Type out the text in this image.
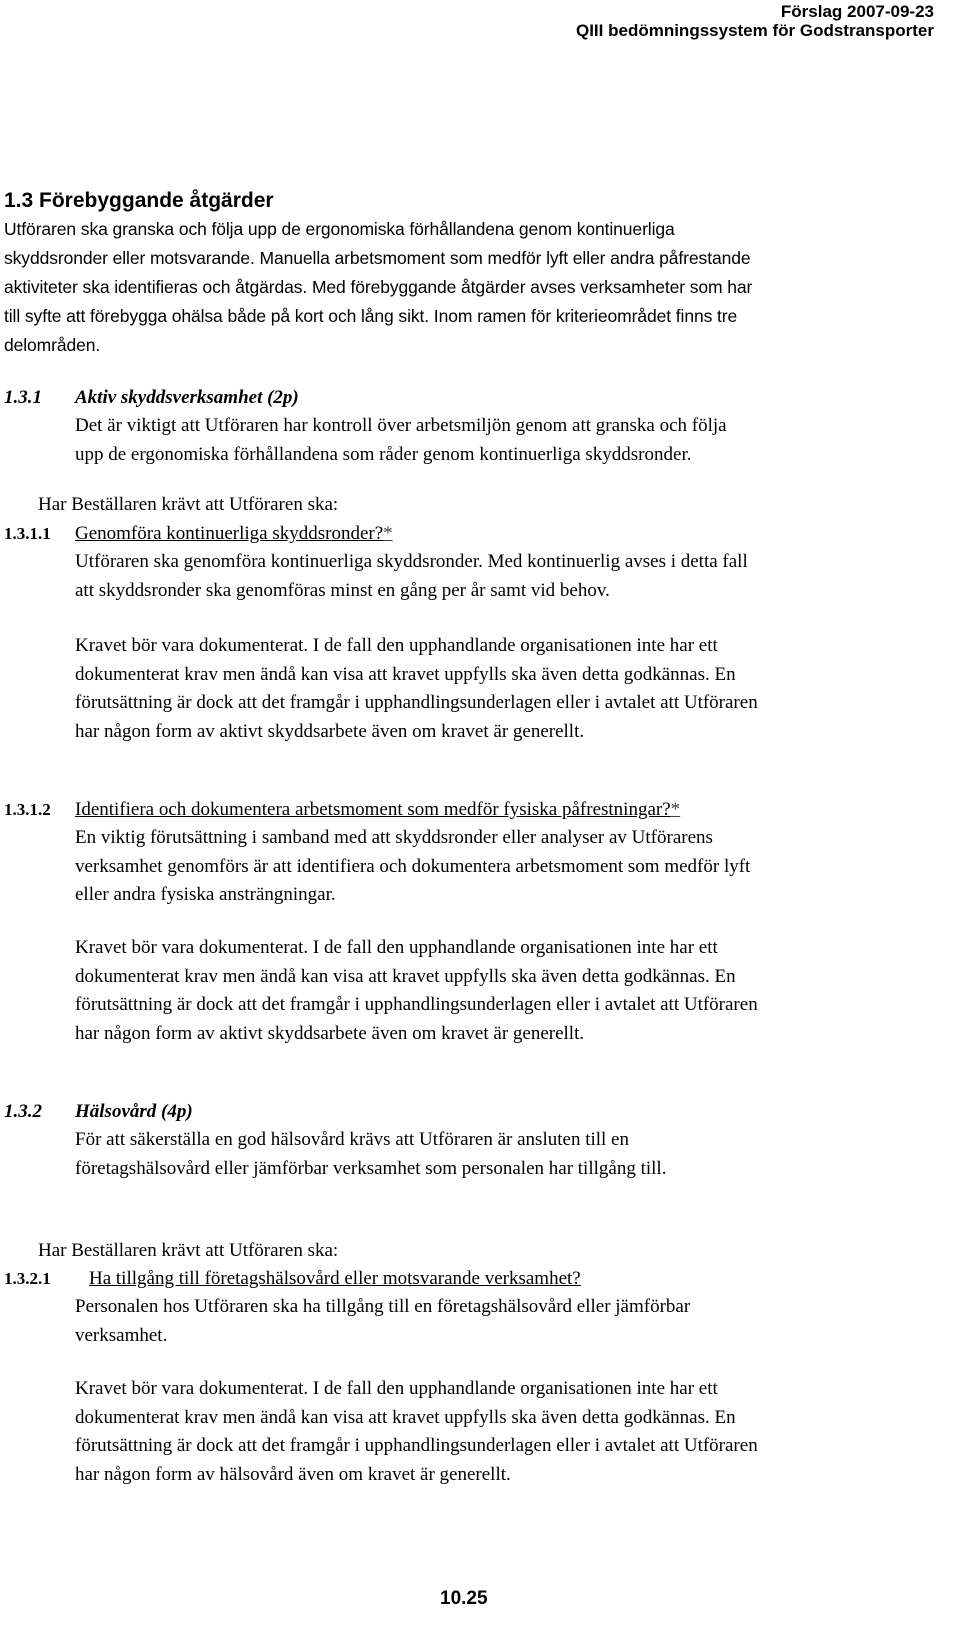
Förslag 2007-09-23
QIII bedömningssystem för Godstransporter
1.3 Förebyggande åtgärder
Utföraren ska granska och följa upp de ergonomiska förhållandena genom kontinuerliga
skyddsronder eller motsvarande. Manuella arbetsmoment som medför lyft eller andra påfrestande
aktiviteter ska identifieras och åtgärdas. Med förebyggande åtgärder avses verksamheter som har
till syfte att förebygga ohälsa både på kort och lång sikt. Inom ramen för kriterieområdet finns tre
delområden.
1.3.1 Aktiv skyddsverksamhet (2p)
Det är viktigt att Utföraren har kontroll över arbetsmiljön genom att granska och följa
upp de ergonomiska förhållandena som råder genom kontinuerliga skyddsronder.
Har Beställaren krävt att Utföraren ska:
1.3.1.1 Genomföra kontinuerliga skyddsronder?*
Utföraren ska genomföra kontinuerliga skyddsronder. Med kontinuerlig avses i detta fall
att skyddsronder ska genomföras minst en gång per år samt vid behov.
Kravet bör vara dokumenterat. I de fall den upphandlande organisationen inte har ett
dokumenterat krav men ändå kan visa att kravet uppfylls ska även detta godkännas. En
förutsättning är dock att det framgår i upphandlingsunderlagen eller i avtalet att Utföraren
har någon form av aktivt skyddsarbete även om kravet är generellt.
1.3.1.2 Identifiera och dokumentera arbetsmoment som medför fysiska påfrestningar?*
En viktig förutsättning i samband med att skyddsronder eller analyser av Utförarens
verksamhet genomförs är att identifiera och dokumentera arbetsmoment som medför lyft
eller andra fysiska ansträngningar.
Kravet bör vara dokumenterat. I de fall den upphandlande organisationen inte har ett
dokumenterat krav men ändå kan visa att kravet uppfylls ska även detta godkännas. En
förutsättning är dock att det framgår i upphandlingsunderlagen eller i avtalet att Utföraren
har någon form av aktivt skyddsarbete även om kravet är generellt.
1.3.2 Hälsovård (4p)
För att säkerställa en god hälsovård krävs att Utföraren är ansluten till en
företagshälsovård eller jämförbar verksamhet som personalen har tillgång till.
Har Beställaren krävt att Utföraren ska:
1.3.2.1 Ha tillgång till företagshälsovård eller motsvarande verksamhet?
Personalen hos Utföraren ska ha tillgång till en företagshälsovård eller jämförbar
verksamhet.
Kravet bör vara dokumenterat. I de fall den upphandlande organisationen inte har ett
dokumenterat krav men ändå kan visa att kravet uppfylls ska även detta godkännas. En
förutsättning är dock att det framgår i upphandlingsunderlagen eller i avtalet att Utföraren
har någon form av hälsovård även om kravet är generellt.
10.25
